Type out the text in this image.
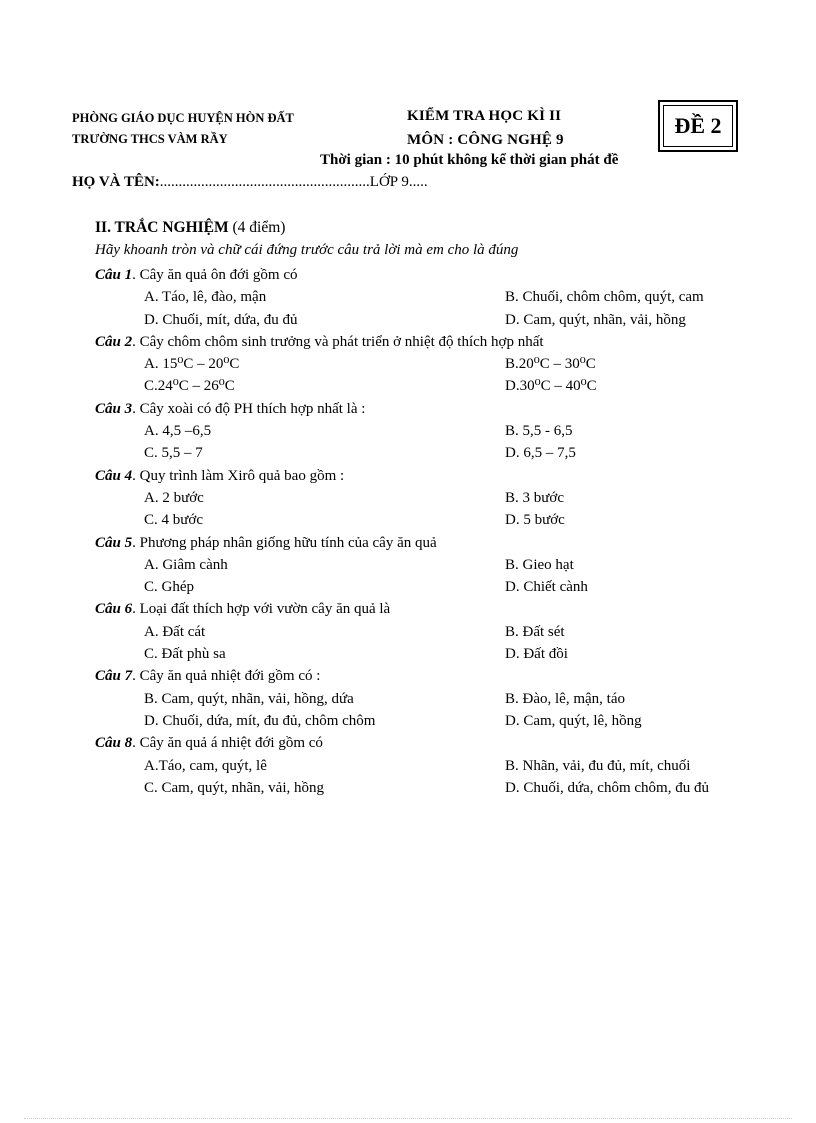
PHÒNG GIÁO DỤC HUYỆN HÒN ĐẤT
TRƯỜNG THCS VÀM RẦY
KIỂM TRA HỌC KÌ II
MÔN : CÔNG NGHỆ 9
ĐỀ 2
Thời gian : 10 phút không kể thời gian phát đề
HỌ VÀ TÊN:........................................................LỚP 9.....
II. TRẮC NGHIỆM (4 điểm)
Hãy khoanh tròn và chữ cái đứng trước câu trả lời mà em cho là đúng
Câu 1. Cây ăn quả ôn đới gồm có
A. Táo, lê, đào, mận	B. Chuối, chôm chôm, quýt, cam
D. Chuối, mít, dứa, đu đủ	D. Cam, quýt, nhãn, vải, hồng
Câu 2. Cây chôm chôm sinh trưởng và phát triển ở nhiệt độ thích hợp nhất
A. 15⁰C – 20⁰C	B.20⁰C – 30⁰C
C.24⁰C – 26⁰C	D.30⁰C – 40⁰C
Câu 3. Cây xoài có độ PH thích hợp nhất là :
A. 4,5 –6,5	B. 5,5 - 6,5
C. 5,5 – 7	D. 6,5 – 7,5
Câu 4. Quy trình làm Xirô quả bao gồm :
A. 2 bước	B. 3 bước
C. 4 bước	D. 5 bước
Câu 5. Phương pháp nhân giống hữu tính của cây ăn quả
A. Giâm cành	B. Gieo hạt
C. Ghép	D. Chiết cành
Câu 6. Loại đất thích hợp với vườn cây ăn quả là
A. Đất cát	B. Đất sét
C. Đất phù sa	D. Đất đồi
Câu 7. Cây ăn quả nhiệt đới gồm có :
B. Cam, quýt, nhãn, vải, hồng, dứa	B. Đào, lê, mận, táo
D. Chuối, dứa, mít, đu đủ, chôm chôm	D. Cam, quýt, lê, hồng
Câu 8. Cây ăn quả á nhiệt đới gồm có
A.Táo, cam, quýt, lê	B. Nhãn, vải, đu đủ, mít, chuối
C. Cam, quýt, nhãn, vải, hồng	D. Chuối, dứa, chôm chôm, đu đủ
